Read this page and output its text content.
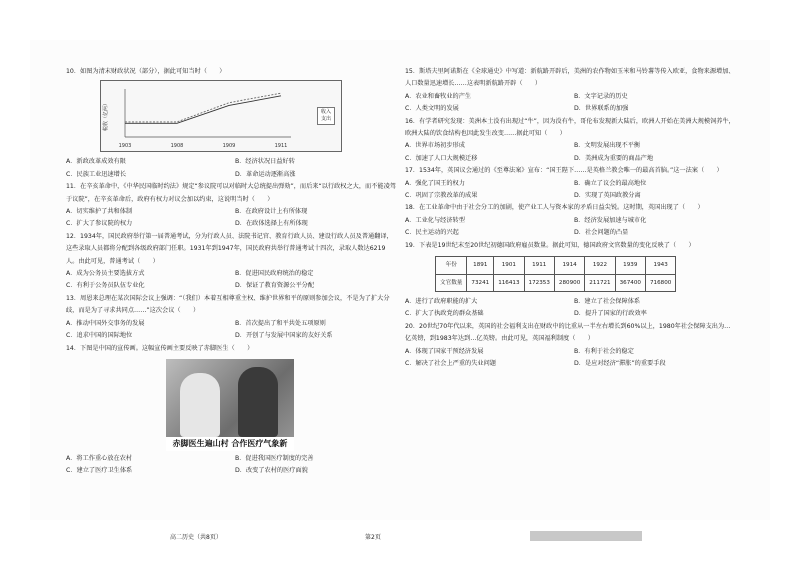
10．如图为清末财政状况（部分），据此可知当时（　　）

税收（亿两）
1903	1908	1909	1911
收入
支出
A．新政改革成效有限	B．经济状况日益好转
C．民族工业迅速增长	D．革命运动逐渐高涨

11．在辛亥革命中，《中华民国临时约法》规定“参议院可以对临时大总统提出弹劾”，而后来“以行政权之大，而不能凌驾于议院”，在辛亥革命后，政府有权力对议会加以约束，这说明当时（　　）

A．切实维护了共和体制	B．在政府设计上有所体现
C．扩大了参议院的权力	D．在政体选择上有所体现

12．1934年，国民政府举行第一届普通考试，分为行政人员、法院书记官、教育行政人员、建设行政人员及普通翻译，这些录取人员都将分配到各级政府部门任职。1931年到1947年，国民政府共举行普通考试十四次，录取人数达6219人。由此可见，普通考试（　　）

A．成为公务员主要选拔方式	B．促进国民政府统治的稳定
C．有利于公务员队伍专业化	D．保证了教育资源公平分配

13．周恩来总理在某次国际会议上强调：“（我们）本着互相尊重主权、维护世界和平的原则参加会议，不是为了扩大分歧，而是为了寻求共同点……”这次会议（　　）

A．推动中国外交事务的发展	B．首次提出了和平共处五项原则
C．追求中国的国际地位	D．开创了与发展中国家的友好关系

14．下图是中国的宣传画。这幅宣传画主要反映了赤脚医生（　　）

赤脚医生遍山村 合作医疗气象新
A．将工作重心放在农村	B．促进我国医疗制度的完善
C．建立了医疗卫生体系	D．改变了农村的医疗面貌

15．斯塔夫里阿诺斯在《全球通史》中写道：新航路开辟后，美洲的农作物如玉米和马铃薯等传入欧亚，食物来源增加、人口数量迅速增长……这表明新航路开辟（　　）

A．农业和畜牧业的产生	B．文字记录的历史
C．人类文明的发展	D．世界联系的加强

16．有学者研究发现：美洲本土没有出现过“牛”，因为没有牛，哥伦布发现新大陆后，欧洲人开始在美洲大规模饲养牛，欧洲大陆的饮食结构也因此发生改变……据此可知（　　）

A．世界市场初步形成	B．文明发展出现不平衡
C．加速了人口大规模迁移	D．美洲成为重要的商品产地

17．1534年，英国议会通过的《至尊法案》宣布：“国王陛下……是英格兰教会唯一的最高首脑。”这一法案（　　）

A．强化了国王的权力	B．确立了议会的最高地位
C．巩固了宗教改革的成果	D．实现了英国政教分离

18．在工业革命中由于社会分工的加剧，使产业工人与资本家的矛盾日益尖锐。这时期，英国出现了（　　）

A．工业化与经济转型	B．经济发展加速与城市化
C．民主运动的兴起	D．社会问题的凸显

19．下表是19世纪末至20世纪初德国政府雇员数量。据此可知，德国政府文官数量的变化反映了（　　）

年份	1891	1901	1911	1914	1922	1939	1943
文官数量	73241	116413	172353	280900	211721	367400	716800
A．进行了政府职能的扩大	B．建立了社会保障体系
C．扩大了执政党的群众基础	D．提升了国家的行政效率

20．20世纪70年代以来，英国的社会福利支出在财政中的比重从一半左右增长到60%以上，1980年社会保障支出为…亿英镑，到1983年达到…亿英镑。由此可见，英国福利制度（　　）

A．体现了国家干预经济发展	B．有利于社会的稳定
C．解决了社会上严重的失业问题	D．是应对经济“滞胀”的重要手段
高二历史（共8页）	第2页
